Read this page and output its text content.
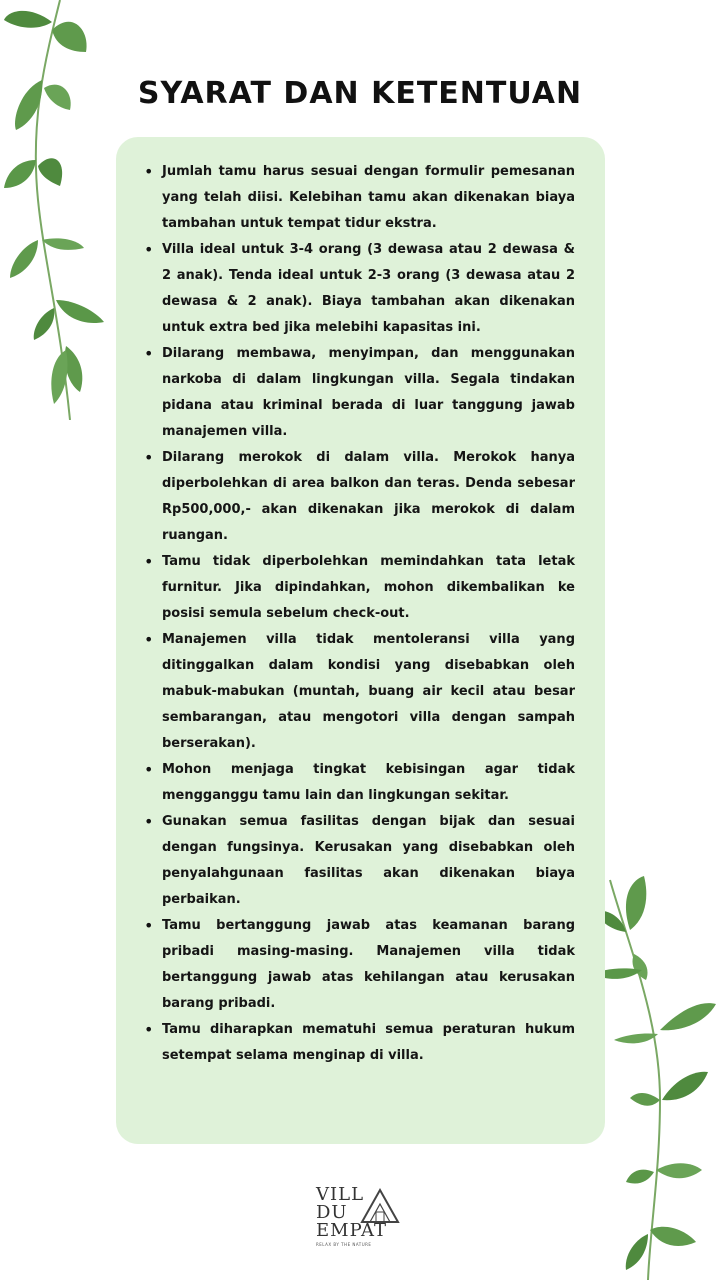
SYARAT DAN KETENTUAN
• Jumlah tamu harus sesuai dengan formulir pemesanan yang telah diisi. Kelebihan tamu akan dikenakan biaya tambahan untuk tempat tidur ekstra.
• Villa ideal untuk 3-4 orang (3 dewasa atau 2 dewasa & 2 anak). Tenda ideal untuk 2-3 orang (3 dewasa atau 2 dewasa & 2 anak). Biaya tambahan akan dikenakan untuk extra bed jika melebihi kapasitas ini.
• Dilarang membawa, menyimpan, dan menggunakan narkoba di dalam lingkungan villa. Segala tindakan pidana atau kriminal berada di luar tanggung jawab manajemen villa.
• Dilarang merokok di dalam villa. Merokok hanya diperbolehkan di area balkon dan teras. Denda sebesar Rp500,000,- akan dikenakan jika merokok di dalam ruangan.
• Tamu tidak diperbolehkan memindahkan tata letak furnitur. Jika dipindahkan, mohon dikembalikan ke posisi semula sebelum check-out.
• Manajemen villa tidak mentoleransi villa yang ditinggalkan dalam kondisi yang disebabkan oleh mabuk-mabukan (muntah, buang air kecil atau besar sembarangan, atau mengotori villa dengan sampah berserakan).
• Mohon menjaga tingkat kebisingan agar tidak mengganggu tamu lain dan lingkungan sekitar.
• Gunakan semua fasilitas dengan bijak dan sesuai dengan fungsinya. Kerusakan yang disebabkan oleh penyalahgunaan fasilitas akan dikenakan biaya perbaikan.
• Tamu bertanggung jawab atas keamanan barang pribadi masing-masing. Manajemen villa tidak bertanggung jawab atas kehilangan atau kerusakan barang pribadi.
• Tamu diharapkan mematuhi semua peraturan hukum setempat selama menginap di villa.
VILL
DU
EMPAT
RELAX BY THE NATURE
